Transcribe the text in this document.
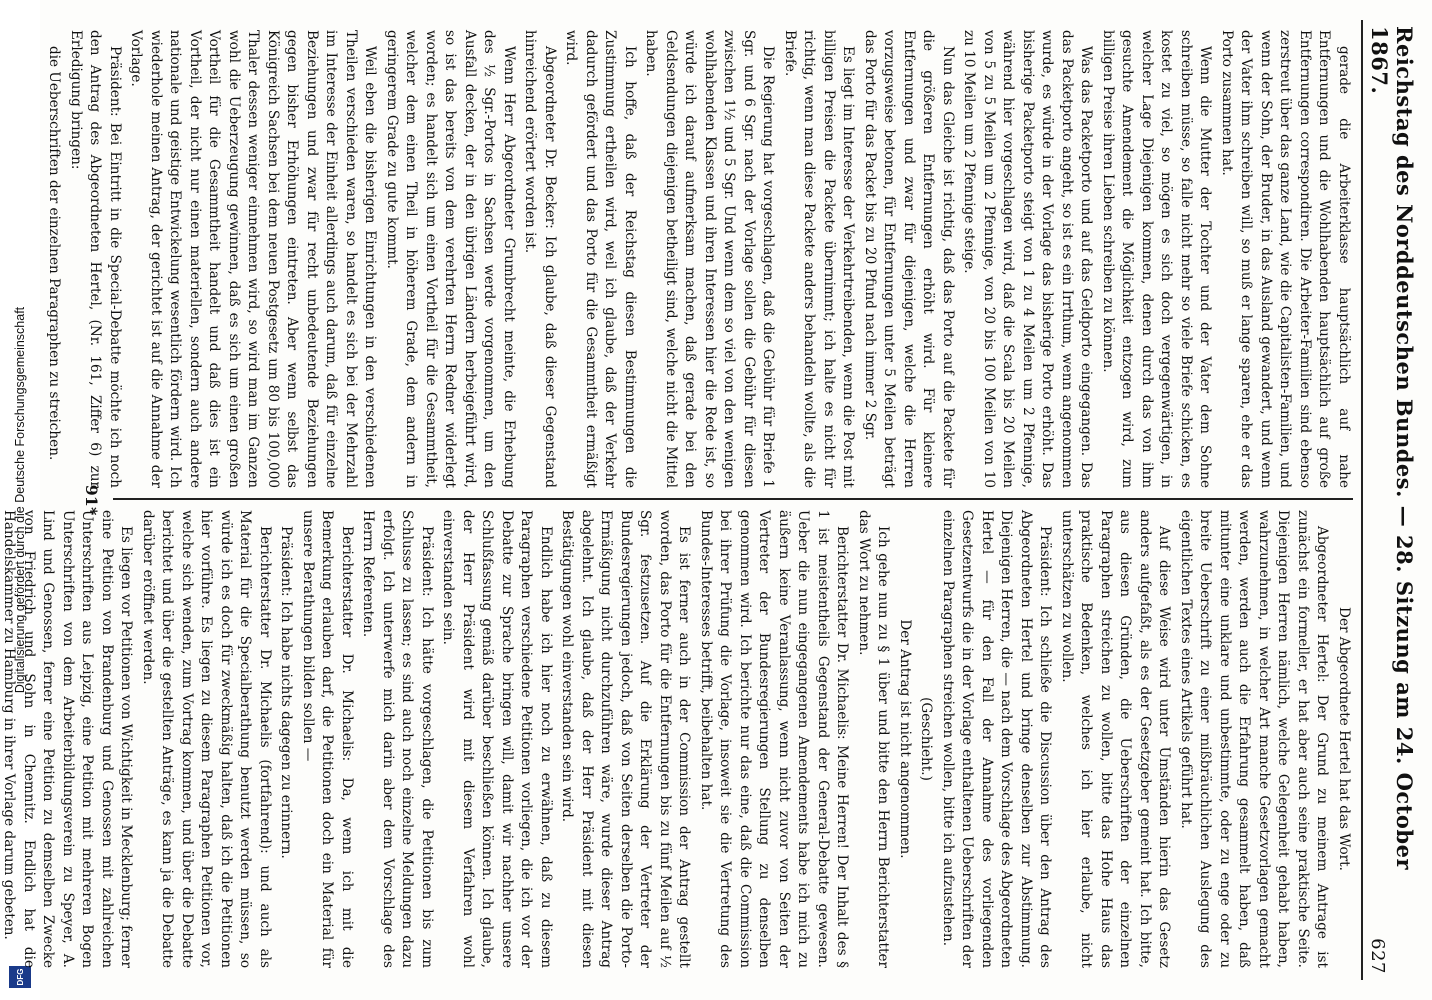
Digitalisierung gefördert durch die Deutsche Forschungsgemeinschaft
DFG
Reichstag des Norddeutschen Bundes. — 28. Sitzung am 24. October 1867.
627

gerade die Arbeiterklasse hauptsächlich auf nahe Entfernungen und die Wohlhabenden hauptsächlich auf große Entfernungen correspondiren. Die Arbeiter-Familien sind ebenso zerstreut über das ganze Land, wie die Capitalisten-Familien, und wenn der Sohn, der Bruder, in das Ausland gewandert, und wenn der Vater ihm schreiben will, so muß er lange sparen, ehe er das Porto zusammen hat.

Wenn die Mutter der Tochter und der Vater dem Sohne schreiben müsse, so falle nicht mehr so viele Briefe schicken, es kostet zu viel, so mögen es sich doch vergegenwärtigen, in welcher Lage Diejenigen kommen, denen durch das von ihm gesuchte Amendement die Möglichkeit entzogen wird, zum billigen Preise ihren Lieben schreiben zu können.

Was das Packetporto und auf das Geldporto eingegangen. Das das Packetporto angeht, so ist es ein Irrthum, wenn angenommen wurde, es würde in der Vorlage das bisherige Porto erhöht. Das bisherige Packetporto steigt von 1 zu 4 Meilen um 2 Pfennige, während hier vorgeschlagen wird, daß die Scala bis 20 Meilen von 5 zu 5 Meilen um 2 Pfennige, von 20 bis 100 Meilen von 10 zu 10 Meilen um 2 Pfennige steige.

Nun das Gleiche ist richtig, daß das Porto auf die Packete für die größeren Entfernungen erhöht wird. Für kleinere Entfernungen und zwar für diejenigen, welche die Herren vorzugsweise betonen, für Entfernungen unter 5 Meilen beträgt das Porto für das Packet bis zu 20 Pfund nach immer 2 Sgr.

Es liegt im Interesse der Verkehrtreibenden, wenn die Post mit billigen Preisen die Packete übernimmt; ich halte es nicht für richtig, wenn man diese Packete anders behandeln wollte, als die Briefe.

Die Regierung hat vorgeschlagen, daß die Gebühr für Briefe 1 Sgr. und 6 Sgr. nach der Vorlage sollen die Gebühr für diesen zwischen 1½ und 5 Sgr. Und wenn dem so viel von den wenigen wohlhabenden Klassen und ihren Interessen hier die Rede ist, so würde ich darauf aufmerksam machen, daß gerade bei den Geldsendungen diejenigen betheiligt sind, welche nicht die Mittel haben.

Ich hoffe, daß der Reichstag diesen Bestimmungen die Zustimmung ertheilen wird, weil ich glaube, daß der Verkehr dadurch gefördert und das Porto für die Gesammtheit ermäßigt wird.

Abgeordneter Dr. Becker: Ich glaube, daß dieser Gegenstand hinreichend erörtert worden ist.

Wenn Herr Abgeordneter Grumbrecht meinte, die Erhebung des ½ Sgr.-Portos in Sachsen werde vorgenommen, um den Ausfall decken, der in den übrigen Ländern herbeigeführt wird, so ist das bereits von dem verehrten Herrn Redner widerlegt worden; es handelt sich um einen Vortheil für die Gesammtheit, welcher dem einen Theil in höherem Grade, dem andern in geringerem Grade zu gute kommt.

Weil eben die bisherigen Einrichtungen in den verschiedenen Theilen verschieden waren, so handelt es sich bei der Mehrzahl im Interesse der Einheit allerdings auch darum, daß für einzelne Beziehungen und zwar für recht unbedeutende Beziehungen gegen bisher Erhöhungen eintreten. Aber wenn selbst das Königreich Sachsen bei dem neuen Postgesetz um 80 bis 100,000 Thaler dessen weniger einnehmen wird, so wird man im Ganzen wohl die Ueberzeugung gewinnen, daß es sich um einen großen Vortheil für die Gesammtheit handelt und daß dies ist ein Vortheil, der nicht nur einen materiellen, sondern auch andere nationale und geistige Entwickelung wesentlich fördern wird. Ich wiederhole meinen Antrag, der gerichtet ist auf die Annahme der Vorlage.

Präsident: Bei Eintritt in die Special-Debatte möchte ich noch den Antrag des Abgeordneten Hertel, (Nr. 161, Ziffer 6) zur Erledigung bringen:

die Ueberschriften der einzelnen Paragraphen zu streichen.

Der Abgeordnete Hertel hat das Wort.

Abgeordneter Hertel: Der Grund zu meinem Antrage ist zunächst ein formeller, er hat aber auch seine praktische Seite. Diejenigen Herren nämlich, welche Gelegenheit gehabt haben, wahrzunehmen, in welcher Art manche Gesetzvorlagen gemacht werden, werden auch die Erfahrung gesammelt haben, daß mitunter eine unklare und unbestimmte, oder zu enge oder zu breite Ueberschrift zu einer mißbräuchlichen Auslegung des eigentlichen Textes eines Artikels geführt hat.

Auf diese Weise wird unter Umständen hierin das Gesetz anders aufgefaßt, als es der Gesetzgeber gemeint hat. Ich bitte, aus diesen Gründen, die Ueberschriften der einzelnen Paragraphen streichen zu wollen, bitte das Hohe Haus das praktische Bedenken, welches ich hier erlaube, nicht unterschätzen zu wollen.

Präsident: Ich schließe die Discussion über den Antrag des Abgeordneten Hertel und bringe denselben zur Abstimmung. Diejenigen Herren, die — nach dem Vorschlage des Abgeordneten Hertel — für den Fall der Annahme des vorliegenden Gesetzentwurfs die in der Vorlage enthaltenen Ueberschriften der einzelnen Paragraphen streichen wollen, bitte ich aufzustehen.

(Geschieht.)

Der Antrag ist nicht angenommen.

Ich gehe nun zu § 1 über und bitte den Herrn Berichterstatter das Wort zu nehmen.

Berichterstatter Dr. Michaelis: Meine Herren! Der Inhalt des § 1 ist meistentheils Gegenstand der General-Debatte gewesen. Ueber die nun eingegangenen Amendements habe ich mich zu äußern keine Veranlassung, wenn nicht zuvor von Seiten der Vertreter der Bundesregierungen Stellung zu denselben genommen wird. Ich berichte nur das eine, daß die Commission bei ihrer Prüfung die Vorlage, insoweit sie die Vertretung des Bundes-Interesses betrifft, beibehalten hat.

Es ist ferner auch in der Commission der Antrag gestellt worden, das Porto für die Entfernungen bis zu fünf Meilen auf ½ Sgr. festzusetzen. Auf die Erklärung der Vertreter der Bundesregierungen jedoch, daß von Seiten derselben die Porto-Ermäßigung nicht durchzuführen wäre, wurde dieser Antrag abgelehnt. Ich glaube, daß der Herr Präsident mit diesen Bestätigungen wohl einverstanden sein wird.

Endlich habe ich hier noch zu erwähnen, daß zu diesem Paragraphen verschiedene Petitionen vorliegen, die ich vor der Debatte zur Sprache bringen will, damit wir nachher unsere Schlußfassung gemäß darüber beschließen können. Ich glaube, der Herr Präsident wird mit diesem Verfahren wohl einverstanden sein.

Präsident: Ich hätte vorgeschlagen, die Petitionen bis zum Schlusse zu lassen; es sind auch noch einzelne Meldungen dazu erfolgt. Ich unterwerfe mich darin aber dem Vorschlage des Herrn Referenten.

Berichterstatter Dr. Michaelis: Da, wenn ich mit die Bemerkung erlauben darf, die Petitionen doch ein Material für unsere Berathungen bilden sollen —

Präsident: Ich habe nichts dagegen zu erinnern.

Berichterstatter Dr. Michaelis (fortfahrend): und auch als Material für die Specialberathung benutzt werden müssen, so würde ich es doch für zweckmäßig halten, daß ich die Petitionen hier vorführe. Es liegen zu diesem Paragraphen Petitionen vor, welche sich wenden, zum Vortrag kommen, und über die Debatte berichtet und über die gestellten Anträge, es kann ja die Debatte darüber eröffnet werden.

Es liegen vor Petitionen von Wichtigkeit in Mecklenburg; ferner eine Petition von Brandenburg und Genossen mit zahlreichen Unterschriften aus Leipzig, eine Petition mit mehreren Bogen Unterschriften von dem Arbeiterbildungsverein zu Speyer, A. Lind und Genossen, ferner eine Petition zu demselben Zwecke von Friedrich und Sohn in Chemnitz. Endlich hat die Handelskammer zu Hamburg in ihrer Vorlage darum gebeten.

91*
